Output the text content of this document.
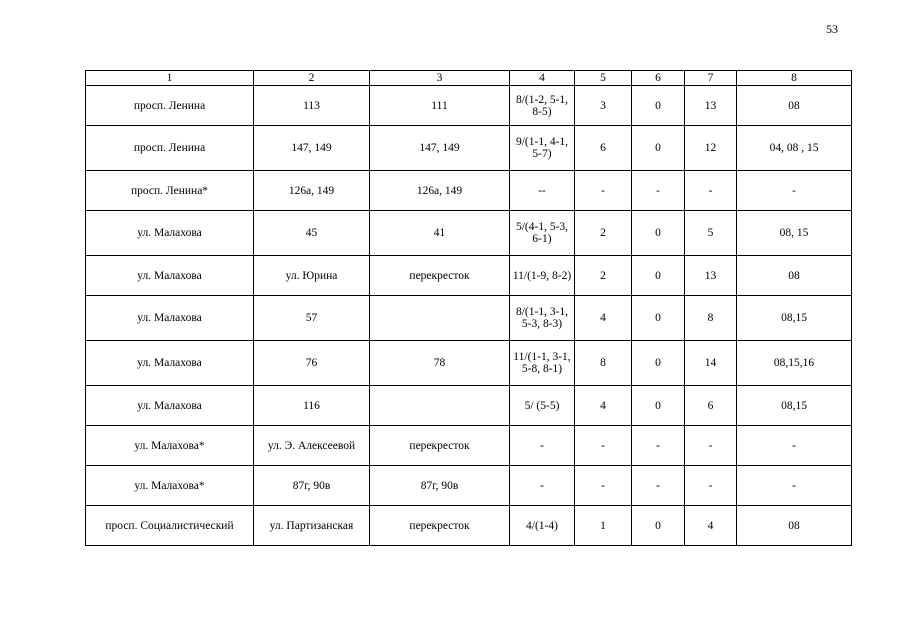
53
1	2	3	4	5	6	7	8
просп. Ленина	113	111	8/(1-2, 5-1, 8-5)	3	0	13	08
просп. Ленина	147, 149	147, 149	9/(1-1, 4-1, 5-7)	6	0	12	04, 08 , 15
просп. Ленина*	126а, 149	126а, 149	--	-	-	-	-
ул. Малахова	45	41	5/(4-1, 5-3, 6-1)	2	0	5	08, 15
ул. Малахова	ул. Юрина	перекресток	11/(1-9, 8-2)	2	0	13	08
ул. Малахова	57		8/(1-1, 3-1, 5-3, 8-3)	4	0	8	08,15
ул. Малахова	76	78	11/(1-1, 3-1, 5-8, 8-1)	8	0	14	08,15,16
ул. Малахова	116		5/ (5-5)	4	0	6	08,15
ул. Малахова*	ул. Э. Алексеевой	перекресток	-	-	-	-	-
ул. Малахова*	87г, 90в	87г, 90в	-	-	-	-	-
просп. Социалистический	ул. Партизанская	перекресток	4/(1-4)	1	0	4	08
